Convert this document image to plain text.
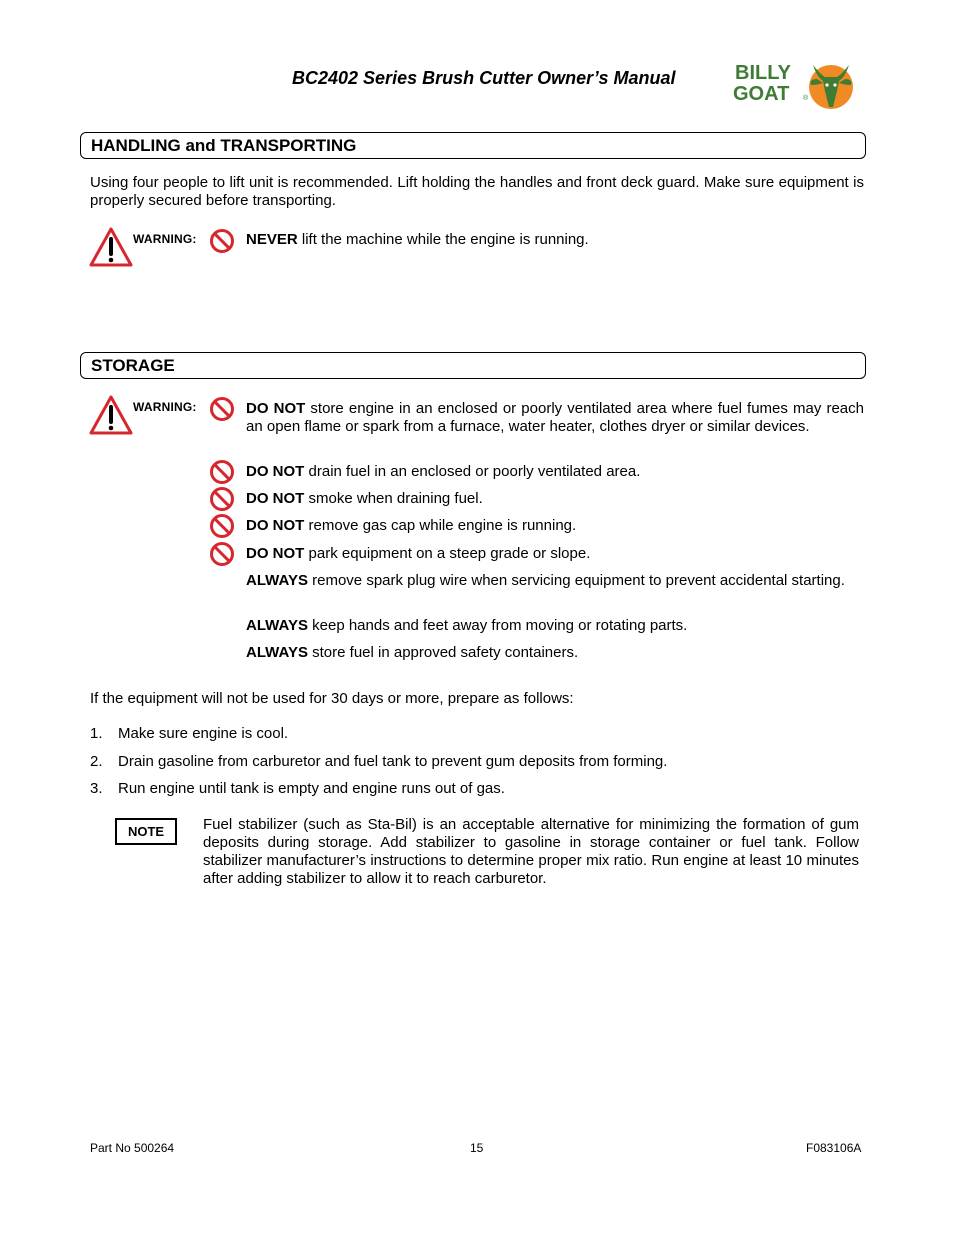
BC2402 Series Brush Cutter Owner’s Manual	BILLY
GOAT ®
HANDLING and TRANSPORTING
Using four people to lift unit is recommended. Lift holding the handles and front deck guard. Make sure equipment is properly secured before transporting.
WARNING:	NEVER lift the machine while the engine is running.
STORAGE
WARNING:	DO NOT store engine in an enclosed or poorly ventilated area where fuel fumes may reach an open flame or spark from a furnace, water heater, clothes dryer or similar devices.
DO NOT drain fuel in an enclosed or poorly ventilated area.
DO NOT smoke when draining fuel.
DO NOT remove gas cap while engine is running.
DO NOT park equipment on a steep grade or slope.
ALWAYS remove spark plug wire when servicing equipment to prevent accidental starting.
ALWAYS keep hands and feet away from moving or rotating parts.
ALWAYS store fuel in approved safety containers.
If the equipment will not be used for 30 days or more, prepare as follows:
1. Make sure engine is cool.
2. Drain gasoline from carburetor and fuel tank to prevent gum deposits from forming.
3. Run engine until tank is empty and engine runs out of gas.
NOTE	Fuel stabilizer (such as Sta-Bil) is an acceptable alternative for minimizing the formation of gum deposits during storage. Add stabilizer to gasoline in storage container or fuel tank. Follow stabilizer manufacturer’s instructions to determine proper mix ratio. Run engine at least 10 minutes after adding stabilizer to allow it to reach carburetor.
Part No 500264	15	F083106A
